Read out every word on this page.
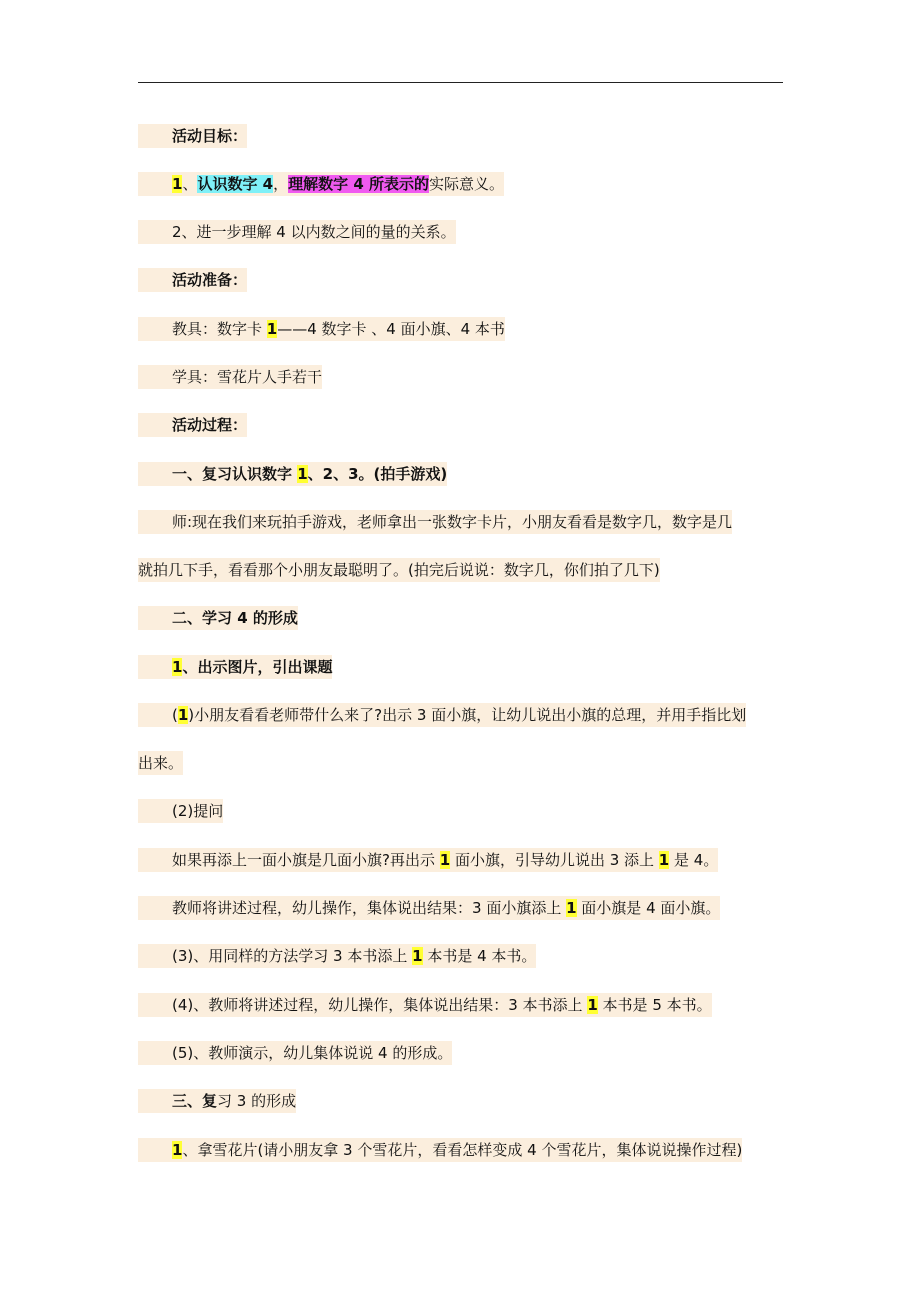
活动目标：
1、认识数字 4，理解数字 4 所表示的实际意义。
2、进一步理解 4 以内数之间的量的关系。
活动准备：
教具：数字卡 1——4 数字卡 、4 面小旗、4 本书
学具：雪花片人手若干
活动过程：
一、复习认识数字 1、2、3。(拍手游戏)
师:现在我们来玩拍手游戏，老师拿出一张数字卡片，小朋友看看是数字几，数字是几
就拍几下手，看看那个小朋友最聪明了。(拍完后说说：数字几，你们拍了几下)
二、学习 4 的形成
1、出示图片，引出课题
(1)小朋友看看老师带什么来了?出示 3 面小旗，让幼儿说出小旗的总理，并用手指比划
出来。
(2)提问
如果再添上一面小旗是几面小旗?再出示 1 面小旗，引导幼儿说出 3 添上 1 是 4。
教师将讲述过程，幼儿操作，集体说出结果：3 面小旗添上 1 面小旗是 4 面小旗。
(3)、用同样的方法学习 3 本书添上 1 本书是 4 本书。
(4)、教师将讲述过程，幼儿操作，集体说出结果：3 本书添上 1 本书是 5 本书。
(5)、教师演示，幼儿集体说说 4 的形成。
三、复习 3 的形成
1、拿雪花片(请小朋友拿 3 个雪花片，看看怎样变成 4 个雪花片，集体说说操作过程)
